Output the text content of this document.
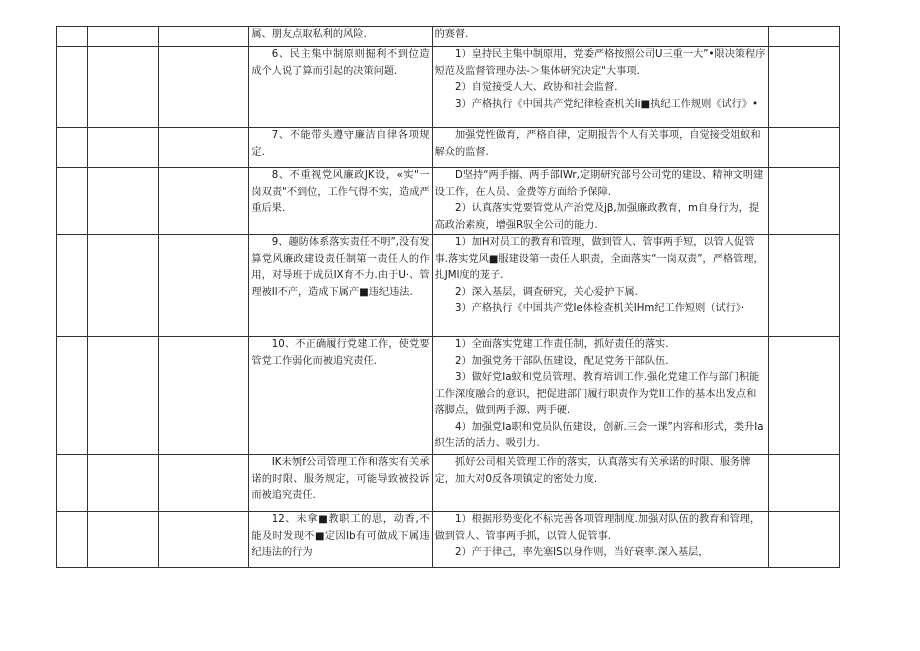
			属、朋友点取私利的风险.	的赛督.	

			6、民主集中制原则掘利不到位造成个人说了算而引起的决策问题.	1）皇持民主集中制原用，党委严格按照公司U三重一大”•限决策程序短范及监督管理办法-＞集体研究决定"大事项.
2）自觉接受人大、政协和社会监督.
3）产格执行《中国共产党纪律检查机关Ii■执纪工作规则《试行》•	

			7、不能带头遵守廉洁自律各项规定.	加强党性做育，严格自律，定期报告个人有关事项，自觉接受俎蚁和解众的监督.	

			8、不重视党风廉政JK设，«实"一岗双责"不到位，工作气得不实，造成严重后果.	D坚持“两手搦、两手部IWr,定期研究部号公司党的建设、精神文明建设工作，在人员、金费等方面给予保障.
2）认真落实党要管党从产治党及jβ,加强廉政教育，m自身行为，提高政治素庾，增强R驭全公司的能力.	

			9、趣防体系落实责任不明”,没有发算党风廉政建设责任制第一责任人的作用，对导班于成员IX育不力.由于U·、管理被Il不产，造成下属产■违纪违法.	1）加H对员工的教育和管理，做到管人、管事两手短，以管人促管事.落实党风■服建设第一责任人职责，全面落实“一岗双责”，严格管理，扎JMl度的茏子.
2）深入基层，调查研究，关心爱护下属.
3）产格执行《中国共产党Ie体检查机关IHm纪工作短则（试行》·	

			10、不正确履行党建工作，使党要管党工作弱化而被追究责任.	1）全面落实党建工作责任制，抓好责任的落实.
2）加强党务干部队伍建设，配足党务干部队伍.
3）做好党Ia蚁和党员管理、教育培训工作.强化党建工作与部门积能工作深度融合的意识，把促进部门履行职责作为党Il工作的基本出发点和落脚点，做到两手源、两手硬.
4）加强党Ia职和党员队伍建设，创新.三会一课”内容和形式，类升Ia织生活的活力、吸引力.	

			IK未刎f公司管理工作和落实有关承诺的时限、服务规定，可能导致被投诉而被追究责任.	抓好公司相关管理工作的落实，认真落实有关承诺的时限、服务牌定，加大对0反各项镇定的密处力度.	

			12、未拿■教职工的思，动香,不能及时发现不■定因Ib有可做成下属违纪违法的行为	1）根据形势变化不标完善各项管理制度.加强对队伍的教育和管理，做到管人、管事两手抓，以管人促管事.
2）产于律己，率先塞IS以身作则，当好衰率.深入基层，	
